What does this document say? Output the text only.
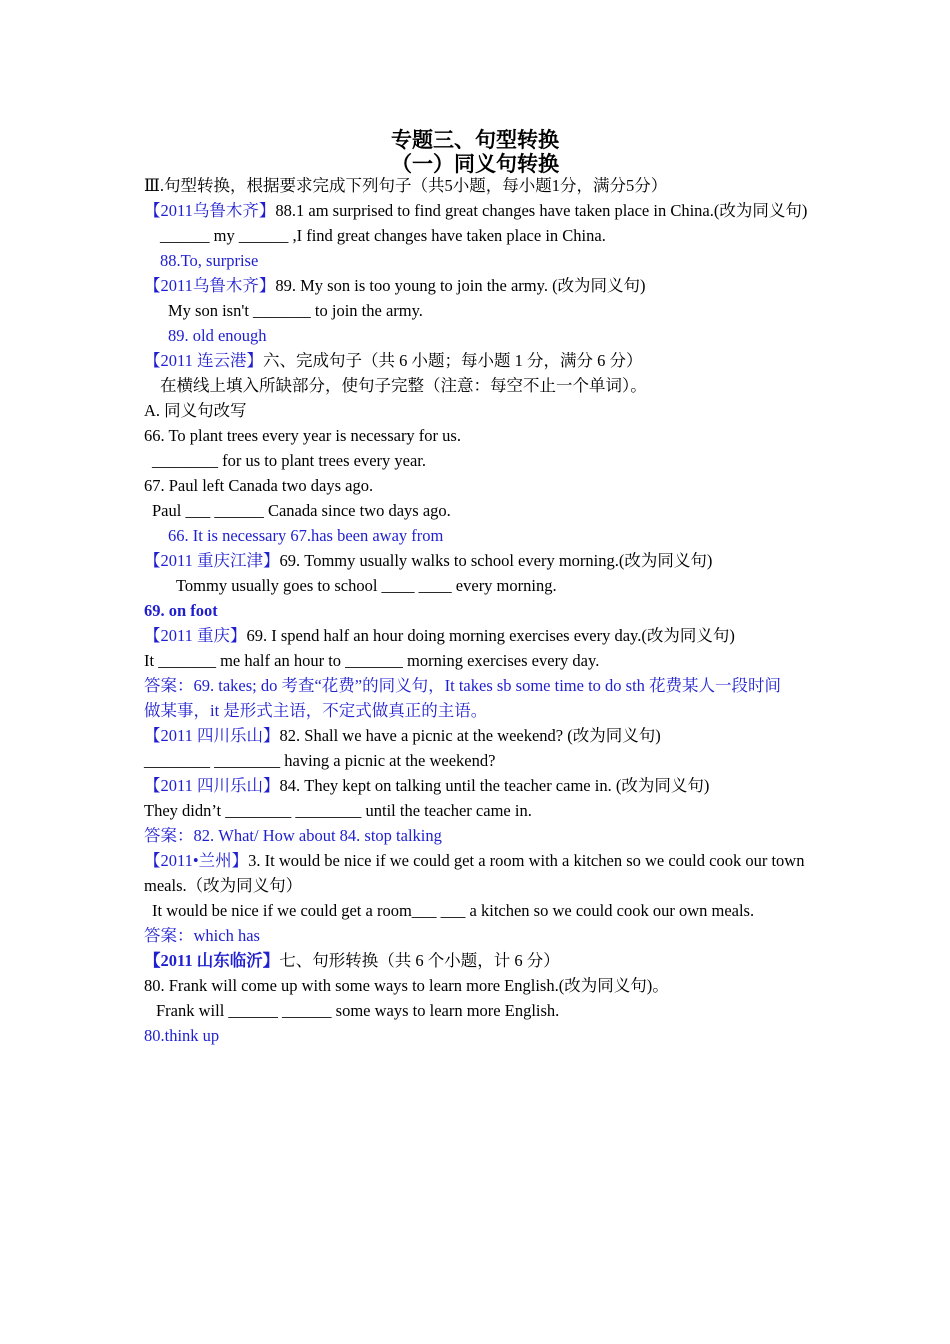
专题三、句型转换
（一）同义句转换
Ⅲ.句型转换，根据要求完成下列句子（共5小题，每小题1分，满分5分）
【2011乌鲁木齐】88.1 am surprised to find great changes have taken place in China.(改为同义句)
______ my ______ ,I find great changes have taken place in China.
88.To, surprise
【2011乌鲁木齐】89. My son is too young to join the army. (改为同义句)
My son isn't _______ to join the army.
89. old enough
【2011 连云港】六、完成句子（共 6 小题；每小题 1 分，满分 6 分）
在横线上填入所缺部分，使句子完整（注意：每空不止一个单词）。
A. 同义句改写
66. To plant trees every year is necessary for us.
________ for us to plant trees every year.
67. Paul left Canada two days ago.
Paul ___ ______ Canada since two days ago.
66. It is necessary 67.has been away from
【2011 重庆江津】69. Tommy usually walks to school every morning.(改为同义句)
Tommy usually goes to school ____ ____ every morning.
69. on foot
【2011 重庆】69. I spend half an hour doing morning exercises every day.(改为同义句)
It _______ me half an hour to _______ morning exercises every day.
答案：69. takes; do 考查“花费”的同义句，It takes sb some time to do sth 花费某人一段时间
做某事，it 是形式主语，不定式做真正的主语。
【2011 四川乐山】82. Shall we have a picnic at the weekend? (改为同义句)
________ ________ having a picnic at the weekend?
【2011 四川乐山】84. They kept on talking until the teacher came in. (改为同义句)
They didn’t ________ ________ until the teacher came in.
答案：82. What/ How about 84. stop talking
【2011•兰州】3. It would be nice if we could get a room with a kitchen so we could cook our town
meals.（改为同义句）
It would be nice if we could get a room___ ___ a kitchen so we could cook our own meals.
答案：which has
【2011 山东临沂】七、句形转换（共 6 个小题，计 6 分）
80. Frank will come up with some ways to learn more English.(改为同义句)。
Frank will ______ ______ some ways to learn more English.
80.think up
